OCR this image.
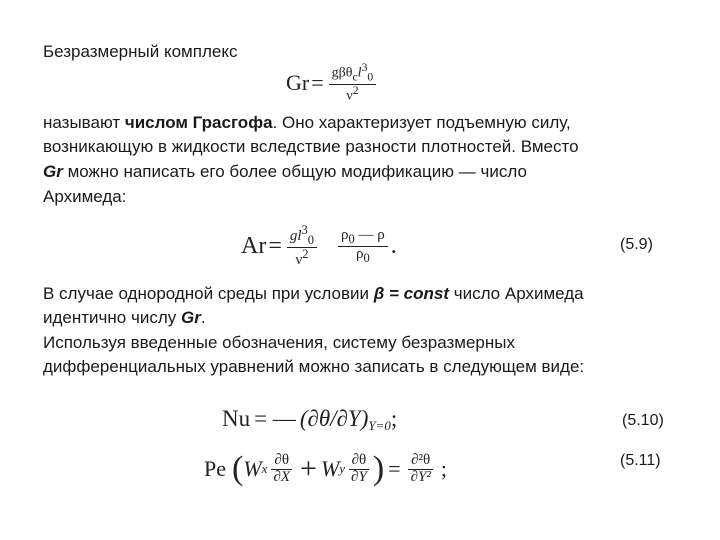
Безразмерный комплекс
$Gr = \frac{g\beta\theta_cl^3_0}{\nu^2}$
называют числом Грасгофа. Оно характеризует подъемную силу,
возникающую в жидкости вследствие разности плотностей. Вместо
Gr можно написать его более общую модификацию — число
Архимеда:
$Ar = \frac{gl^3_0}{\nu^2} \frac{\rho_0 — \rho}{\rho_0}$ .	(5.9)
В случае однородной среды при условии β = const число Архимеда
идентично числу Gr.
Используя введенные обозначения, систему безразмерных
дифференциальных уравнений можно записать в следующем виде:
Nu = — (∂θ/∂Y) $_{Y=0}$ ;	(5.10)
Pe ( W x $\frac{\partial\theta}{\partial X} + W$ y $\frac{\partial\theta}{\partial Y}$ ) = $\frac{\text{∂²θ}}{\text{∂Y²}}$ ;	(5.11)
